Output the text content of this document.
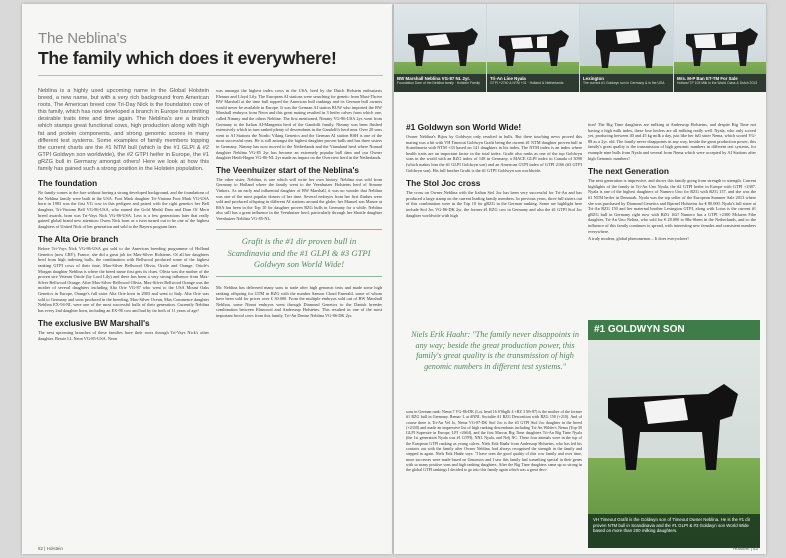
The Neblina's
The family which does it everywhere!

Neblina is a highly used upcoming name in the Global Holstein breed, a new name, but with a very rich background from American roots. The American breed cow Tri-Day Nick is the foundation cow of this family, which has now developed a branch in Europe transmitting desirable traits time and time again. The Neblina's are a branch which stamps great functional cows, high production along with high fat and protein components, and strong genomic scores in many different test systems. Some examples of family members topping the current charts are the #1 NTM bull (which is the #1 GLPI & #2 GTPI Goldwyn son worldwide), the #2 GTPI heifer in Europe, the #1 gRZG bull in Germany amongst others! Here we look at how this family has gained such a strong position in the Holstein population.

The foundation

No family comes to the fore without having a strong developed background, and the foundations of the Neblina family were built in the USA. Foot Mark daughter Tri-Vintona Foot Mark VG-USA born in 1983 was the first VG cow in this pedigree and paired with the right genetics her Bell daughter, Tri-Vintona Bell VG-86-USA, who earned the Gold Medal Dam and Dam Of Merit breed awards, born was Tri-Vays Nick VG-86-USA. Less is a few generations later that really gained global brand new attention: Owen Nick born as a twin turned out to be one of the highest daughters of United Nick of her generation and sold to the Bayern program later.

The Alta Orie branch

Before Tri-Vays Nick VG-86-USA got sold to the American breeding programme of Holland Genetics (now CRV), France, she did a great job for Max-Silver Holsteins. Of all her daughters bred from high indexing bulls, the combination with Bellwood produced some of the highest ranking GTPI cows of their time, Max-Silver Bellwood Olivia, Oriole and Orange. Oriole's Morgan daughter Neblina is where the breed name first gets its clues. Olivia was the mother of the proven sire Veteran Oriole (by Lord Lily) and there has been a very strong influence from Max-Silver Bellwood Orange. After Max-Silver Bellwood Olivia, Max-Silver Bellwood Orange was the mother of several daughters including Alta Orie VG-87 who went to the USA Mount Oaks Genetics in Europe, Orange's full sister Alta Orie born in 2003 and went to Italy. Alta Orie was sold to Germany and soon produced in the breeding, Max-Silver Ocean, Max Commence daughter Neblina EX-94-NL were one of the most successful bulls of their generation. Currently Neblina has every 2nd daughter born, including an EX-90 cow and had by far both of 11 years of age!

The exclusive BW Marshall's

The next upcoming branches of these families have their roots through Tri-Vays Nick's other daughter, Bessie LL Neon VG-85-USA. Neon

was amongst the highest index cows in the USA, bred by the Dutch Holstein enthusiasts Eleanor and Lloyd Lily. The European AI stations were searching for genetic from Maxi-Thrive BW Marshall at the time bull topped the American bull rankings and its German bull owners would never be available in Europe. It was the German AI station RUW who imported the BW Marshall embryos from Neon and this great mating resulted in 3 heifer calves from which one, called Nimmy and the others Nebline. The first mentioned, Nimmy VG-86-USA 2yr, went from Germany to the Italian AI-Mangenta herd of the Gandolfi family. Nimmy was been flushed extensively which in turn ranked plenty of descendants in the Gandolfi's herd near. Over 20 sons went to AI Stations the Nordic Viking Genetics and the German AI station RSH is one of the most successful ones. He is still amongst the highest daughter proven bulls and has three sisters in Germany. Nimmy has now moved to the Netherlands and the Vianaland herd where Nomad daughter Neblina VG-85 2yr has become an extremely popular bull dam and our Owner daughter Heidi-Hagen VG-86-NL 2yr made an impact on the Overview herd in the Netherlands.

The Veenhuizer start of the Neblina's

The other sister, Neblina, is one which will write her own history. Neblina was sold from Germany to Holland where the family went to the Veenhuizer Holsteins herd of Simone Vinkers. As an early and influential daughter of BW Marshall, it was no wonder that Neblina was one of the most popular donors of her time. Several embryos from her first flushes were sold and produced offspring in different AI stations around the globe; her Manoel son Manoe at RSA has been in the Top 10 for daughter proven RZG bulls in Germany for a while. Neblina also still has a great influence in the Veenhuizer herd, particularly through her Shottle daughter Veenhuizer Neblina VG-85-NL.

Grafit is the #1 dir proven bull in Scandinavia and the #1 GLPI & #3 GTPI Goldwyn son World Wide!

Mr. Neblina has delivered many sons to trade after high genomic tests and made some high ranking offspring for GTM in RZG with the number Sanson Cloud Emerald, some of whom have been sold for prices over £ 30.000. From the multiple embryos sold out of BW Marshall Neblina, some Nimat embryos went through Diamond Genetics to the Danish breeder combination between Elmwood and Andersrup Holsteins. This resulted in one of the most important brood cows from this family, Tri-An Denise Neblina VG-86-DK 2yr.

82 | Holstein
BW Marshall Neblina VG-87 NL 2yr.
Foundation Dam of the Neblina family · Holstein Family
Tri-An Line Nyala
GTPI +2740 & NTM +31 · Holland & Netherlands
Lexington
The current #1 Goldwyn son in Germany & in the USA
Mrs. M-P Ban ET-TM For Sale
Holland TP 103 Milk in the World Class & Dutch 2013
#1 Goldwyn son World Wide!

Owner Neblina's Bijou by Goldwyn only resulted in bulls. But there touching news proved this mating was a hit with VH Timeout Goldwyn Grafit being the current #1 NTM daughter proven bull in Scandinavia with NTM +33 based on 141 daughters in his index. The NTM index is an index where health traits are an important factor in the total index. Grafit also ranks as one of the top Goldwyn sons in the world with an RZG index of 148 in Germany, a MACE GLPI index in Canada of 3090 (which makes him the #1 GLPI Goldwyn son) and an American GTPI index of GTPI 2166 (#3 GTPI Goldwyn son). His full brother Grafit is the #1 GTPI Goldwyn son worldwide.

The Stol Joc cross

The cross on Owner Neblina with the Italian Stol Joc has been very successful for Tri-An and has produced a large stamp on the current leading family members. In previous years, three full sisters out of this combination were in the Top 10 for gRZG in the German ranking. Some are highlight here include Stol Joc VG-86-DK 2yr, the former #1 RZG cow in Germany and also the #1 GTPI Stol Joc daughter worldwide with high

tion! The Big Time daughters are milking at Andersrup Holsteins, and despite Big Time not having a high milk index, these four heifers are all milking really well. Nyala, who only scored yet, producing between 40 and 45 kg milk a day, just like her full sister Nema, which scored VG-88 as a 2yr. old. The family never disappoints in any way, beside the great production power, this family's great quality is the transmission of high genomic numbers in different test systems, for example nine bulls from Nyala and several from Nema which were accepted by AI Stations after high Genomic numbers!

The next Generation

The next generation is impressive, and shows this family going from strength to strength. Current highlights of the family in Tri-An Uno Nyala, the #2 GTPI heifer in Europe with GTPI +2387. Nyala is one of the highest daughters of Numero Uno for RZG with RZG 157, and she was the #1 NTM heifer in Denmark. Nyala was the top seller of the European Summer Sale 2013 where she was purchased by Diamond Genetics and Bjørnel Holsteins for € 80.000. Nyala's full sister at Tri-An RZG 150 and her maternal brother Lexington GTPI, along with Lotus is the current #1 gRZG bull in Germany right now with RZG 162! Numero has a GTPI +2300 Mclaren Fibe daughter, Tri-An Uno Nelina, who sold for € 28.000 to Blu-Shem in the Netherlands, and so the influence of this family continues to spread, with interesting new females and consistent numbers everywhere.

A truly modern, global phenomenon – It does everywhere!

Niels Erik Haahr: "The family never disappoints in any way; beside the great production power, this family's great quality is the transmission of high genomic numbers in different test systems."

sons in German rank: Nema 7 VG-86-DK (Lot. head 16 S'Shgllt 4 +RZ 3 M+87) is the mother of the former #1 RZG bull in Germany, Remac L at #NNL Socialite #1 RZG Descrattion with RZG 150 (+210). And of course there is Tri-An Vel Jo, Nema VG-87-DK Stol Joc is the #3 GTPI Stol Joc daughter in the breed (+2330) and made an impressive list of high ranking descendants including Tri-An Wilder's Nema (Top-30 GLPI Supersire in Europe, LPI +2664), and the first Marcus Big Time daughters Tri-An Big Time Nyala (the 1st generation Nyala was #1 GTPI), NNL Nyala, and Nelj NC. These four animals were in the top of the European GTPI ranking as young calves. Niels Erik Haahr from Andersrup Holsteins, who has led his contacts out with the family after Owner Neblina, had always recognised the strength in the family and stepped in again. Niels Erik Haahr says: "I have seen the good quality of this cow family and over time, more successes were made based on Genomics and I saw this family had something special in their genes with so many positive sons and high ranking daughters. After the Big Time daughters came up so strong in the global GTPI rankings I decided to go into this family again which was a great deci-

#1 GOLDWYN SON

VH Timeout Grafit is the Goldwyn son of Timeout Owner Neblina. He is the #1 dir proven NTM bull in Scandinavia and the #1 GLPI & #3 Goldwyn son World Wide based on more than 200 milking daughters.

Holstein | 83
